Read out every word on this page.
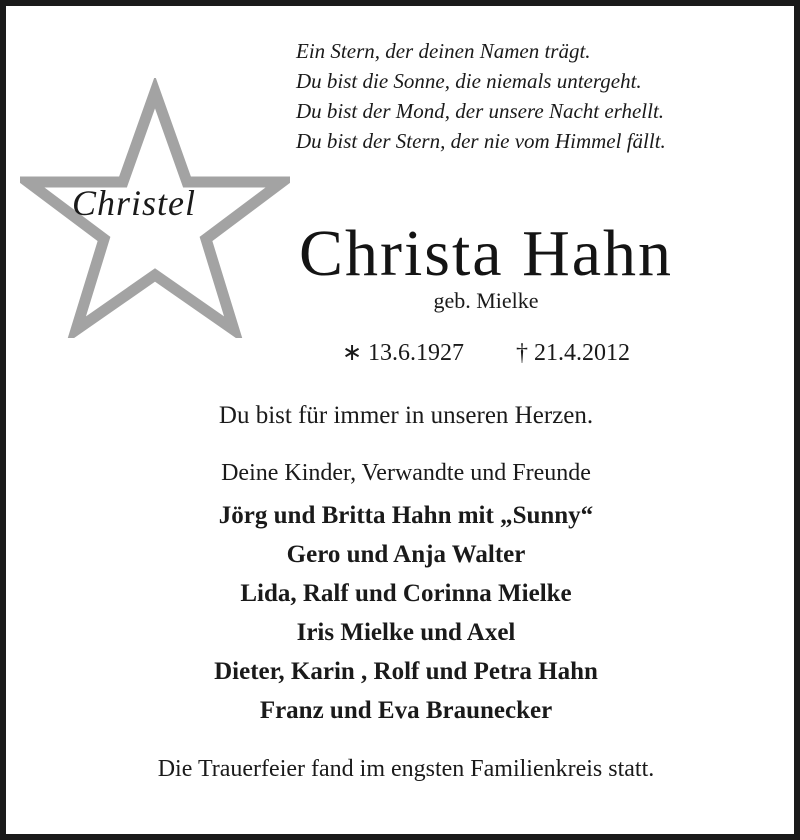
Ein Stern, der deinen Namen trägt.
Du bist die Sonne, die niemals untergeht.
Du bist der Mond, der unsere Nacht erhellt.
Du bist der Stern, der nie vom Himmel fällt.
Christel
Christa Hahn
geb. Mielke
∗ 13.6.1927 † 21.4.2012
Du bist für immer in unseren Herzen.
Deine Kinder, Verwandte und Freunde
Jörg und Britta Hahn mit „Sunny“
Gero und Anja Walter
Lida, Ralf und Corinna Mielke
Iris Mielke und Axel
Dieter, Karin , Rolf und Petra Hahn
Franz und Eva Braunecker
Die Trauerfeier fand im engsten Familienkreis statt.
